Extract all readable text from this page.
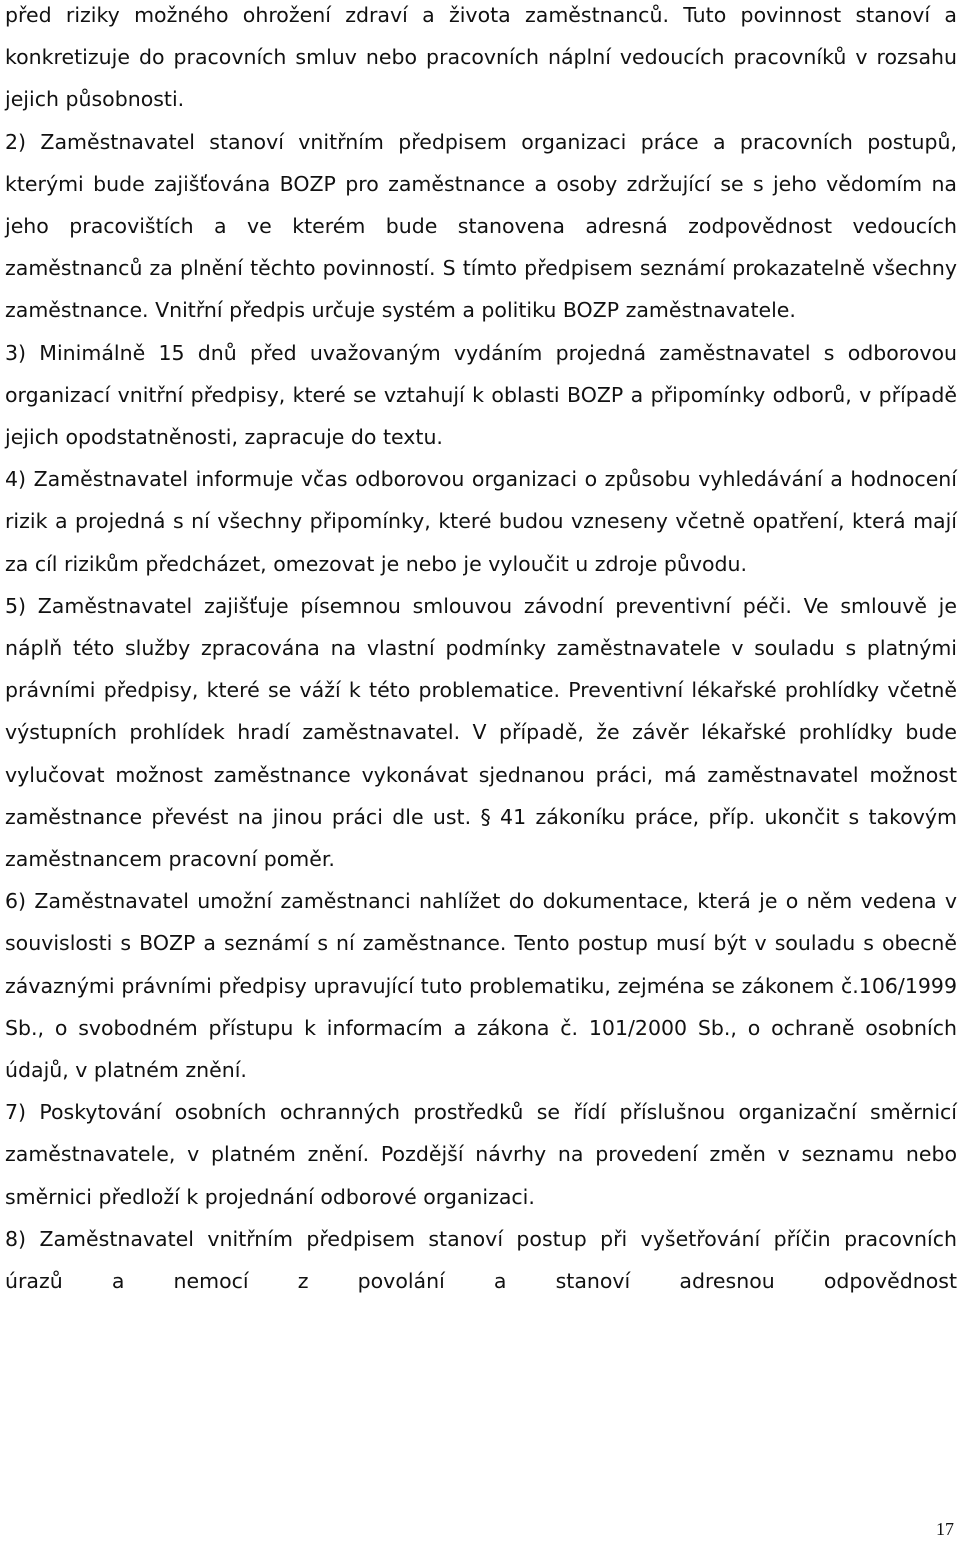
před riziky možného ohrožení zdraví a života zaměstnanců. Tuto povinnost stanoví a konkretizuje do pracovních smluv nebo pracovních náplní vedoucích pracovníků v rozsahu jejich působnosti.

2) Zaměstnavatel stanoví vnitřním předpisem organizaci práce a pracovních postupů, kterými bude zajišťována BOZP pro zaměstnance a osoby zdržující se s jeho vědomím na jeho pracovištích a ve kterém bude stanovena adresná zodpovědnost vedoucích zaměstnanců za plnění těchto povinností. S tímto předpisem seznámí prokazatelně všechny zaměstnance. Vnitřní předpis určuje systém a politiku BOZP zaměstnavatele.

3) Minimálně 15 dnů před uvažovaným vydáním projedná zaměstnavatel s odborovou organizací vnitřní předpisy, které se vztahují k oblasti BOZP a připomínky odborů, v případě jejich opodstatněnosti, zapracuje do textu.

4) Zaměstnavatel informuje včas odborovou organizaci o způsobu vyhledávání a hodnocení rizik a projedná s ní všechny připomínky, které budou vzneseny včetně opatření, která mají za cíl rizikům předcházet, omezovat je nebo je vyloučit u zdroje původu.

5) Zaměstnavatel zajišťuje písemnou smlouvou závodní preventivní péči. Ve smlouvě je náplň této služby zpracována na vlastní podmínky zaměstnavatele v souladu s platnými právními předpisy, které se váží k této problematice. Preventivní lékařské prohlídky včetně výstupních prohlídek hradí zaměstnavatel. V případě, že závěr lékařské prohlídky bude vylučovat možnost zaměstnance vykonávat sjednanou práci, má zaměstnavatel možnost zaměstnance převést na jinou práci dle ust. § 41 zákoníku práce, příp. ukončit s takovým zaměstnancem pracovní poměr.

6) Zaměstnavatel umožní zaměstnanci nahlížet do dokumentace, která je o něm vedena v souvislosti s BOZP a seznámí s ní zaměstnance. Tento postup musí být v souladu s obecně závaznými právními předpisy upravující tuto problematiku, zejména se zákonem č.106/1999 Sb., o svobodném přístupu k informacím a zákona č. 101/2000 Sb., o ochraně osobních údajů, v platném znění.

7) Poskytování osobních ochranných prostředků se řídí příslušnou organizační směrnicí zaměstnavatele, v platném znění. Pozdější návrhy na provedení změn v seznamu nebo směrnici předloží k projednání odborové organizaci.

8) Zaměstnavatel vnitřním předpisem stanoví postup při vyšetřování příčin pracovních úrazů a nemocí z povolání a stanoví adresnou odpovědnost

17
